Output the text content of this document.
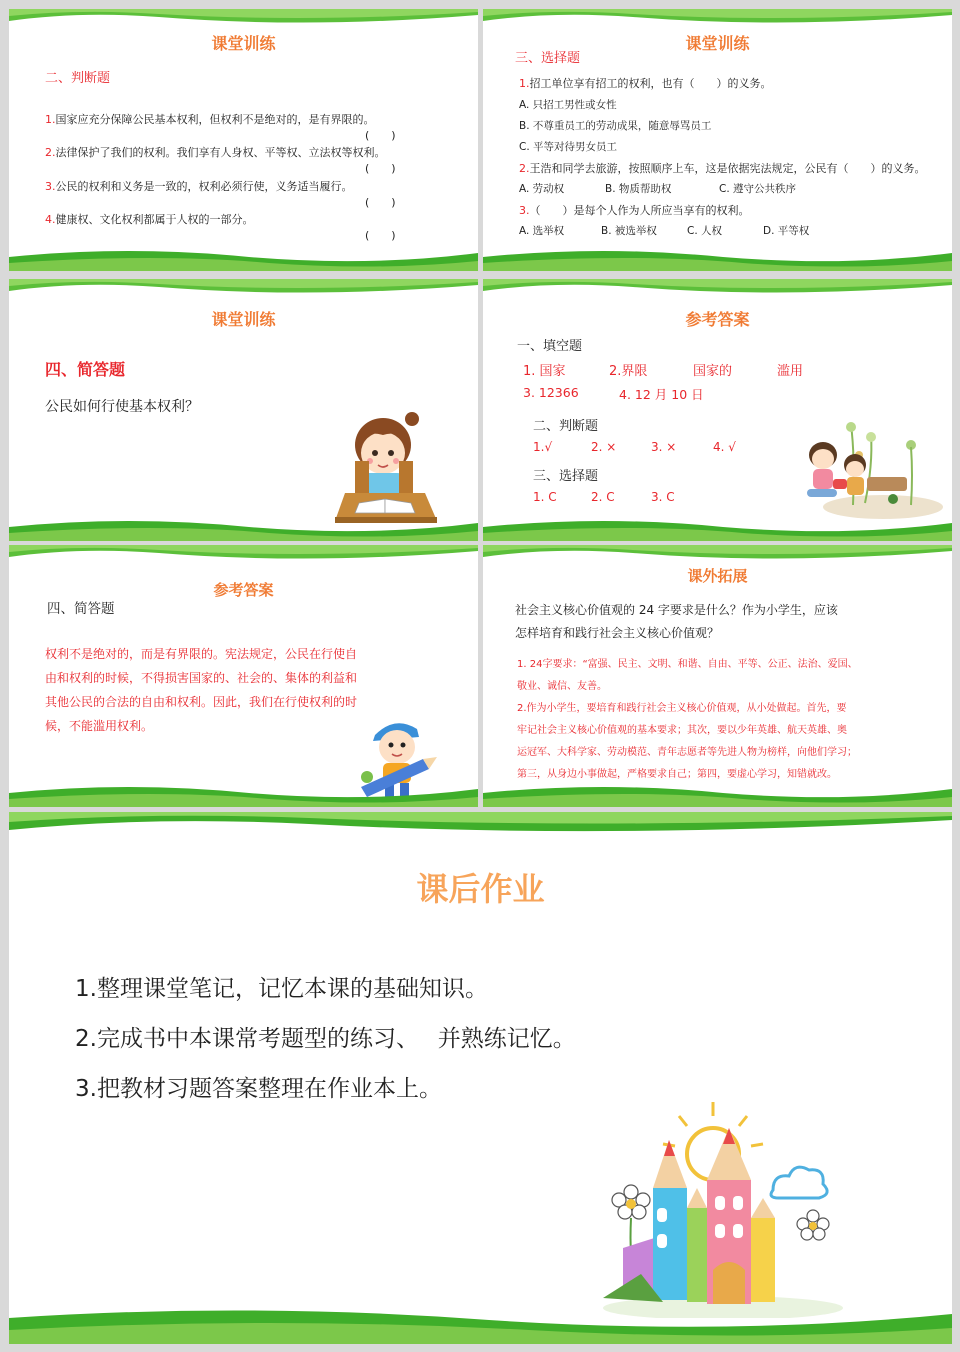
课堂训练
二、判断题
1.国家应充分保障公民基本权利，但权利不是绝对的，是有界限的。
(　　)
2.法律保护了我们的权利。我们享有人身权、平等权、立法权等权利。
(　　)
3.公民的权利和义务是一致的，权利必须行使，义务适当履行。
(　　)
4.健康权、文化权利都属于人权的一部分。
(　　)
课堂训练
三、选择题
1.招工单位享有招工的权利，也有（　　）的义务。
A. 只招工男性或女性
B. 不尊重员工的劳动成果，随意辱骂员工
C. 平等对待男女员工
2.王浩和同学去旅游，按照顺序上车，这是依据宪法规定，公民有（　　）的义务。
A. 劳动权	B. 物质帮助权	C. 遵守公共秩序
3.（　　）是每个人作为人所应当享有的权利。
A. 选举权	B. 被选举权	C. 人权	D. 平等权
课堂训练
四、简答题
公民如何行使基本权利？
参考答案
一、填空题
1. 国家	2.界限	国家的	滥用
3. 12366	4. 12 月 10 日
二、判断题
1.√	2. ×	3. ×	4. √
三、选择题
1. C	2. C	3. C
参考答案
四、简答题
权利不是绝对的，而是有界限的。宪法规定，公民在行使自
由和权利的时候，不得损害国家的、社会的、集体的利益和
其他公民的合法的自由和权利。因此，我们在行使权利的时
候，不能滥用权利。
课外拓展
社会主义核心价值观的 24 字要求是什么？作为小学生，应该
怎样培育和践行社会主义核心价值观？
1. 24字要求：“富强、民主、文明、和谐、自由、平等、公正、法治、爱国、
敬业、诚信、友善。
2.作为小学生，要培育和践行社会主义核心价值观，从小处做起。首先，要
牢记社会主义核心价值观的基本要求；其次，要以少年英雄、航天英雄、奥
运冠军、大科学家、劳动模范、青年志愿者等先进人物为榜样，向他们学习；
第三，从身边小事做起，严格要求自己；第四，要虚心学习，知错就改。
课后作业
1.整理课堂笔记，记忆本课的基础知识。
2.完成书中本课常考题型的练习、　 并熟练记忆。
3.把教材习题答案整理在作业本上。
